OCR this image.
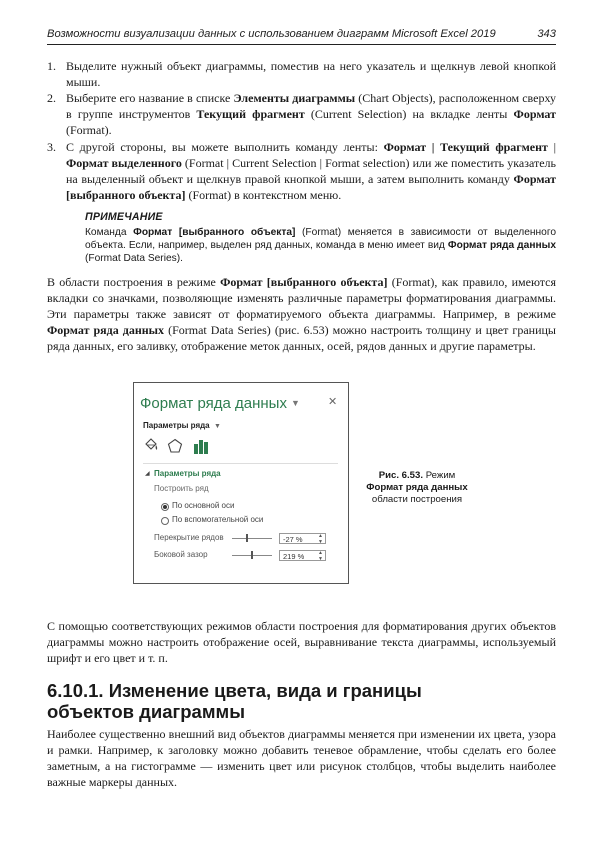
Возможности визуализации данных с использованием диаграмм Microsoft Excel 2019	343
1. Выделите нужный объект диаграммы, поместив на него указатель и щелкнув левой кнопкой мыши.
2. Выберите его название в списке Элементы диаграммы (Chart Objects), расположенном сверху в группе инструментов Текущий фрагмент (Current Selection) на вкладке ленты Формат (Format).
3. С другой стороны, вы можете выполнить команду ленты: Формат | Текущий фрагмент | Формат выделенного (Format | Current Selection | Format selection) или же поместить указатель на выделенный объект и щелкнув правой кнопкой мыши, а затем выполнить команду Формат [выбранного объекта] (Format) в контекстном меню.
ПРИМЕЧАНИЕ
Команда Формат [выбранного объекта] (Format) меняется в зависимости от выделенного объекта. Если, например, выделен ряд данных, команда в меню имеет вид Формат ряда данных (Format Data Series).
В области построения в режиме Формат [выбранного объекта] (Format), как правило, имеются вкладки со значками, позволяющие изменять различные параметры форматирования диаграммы. Эти параметры также зависят от форматируемого объекта диаграммы. Например, в режиме Формат ряда данных (Format Data Series) (рис. 6.53) можно настроить толщину и цвет границы ряда данных, его заливку, отображение меток данных, осей, рядов данных и другие параметры.
Формат ряда данных ▼	✕
Параметры ряда ▼
◢ Параметры ряда
Построить ряд
По основной оси
По вспомогательной оси
Перекрытие рядов	-27 %	▲
▼
Боковой зазор	219 %	▲
▼
Рис. 6.53. Режим
Формат ряда данных
области построения
С помощью соответствующих режимов области построения для форматирования других объектов диаграммы можно настроить отображение осей, выравнивание текста диаграммы, используемый шрифт и его цвет и т. п.
6.10.1. Изменение цвета, вида и границы
объектов диаграммы
Наиболее существенно внешний вид объектов диаграммы меняется при изменении их цвета, узора и рамки. Например, к заголовку можно добавить теневое обрамление, чтобы сделать его более заметным, а на гистограмме — изменить цвет или рисунок столбцов, чтобы выделить наиболее важные маркеры данных.
